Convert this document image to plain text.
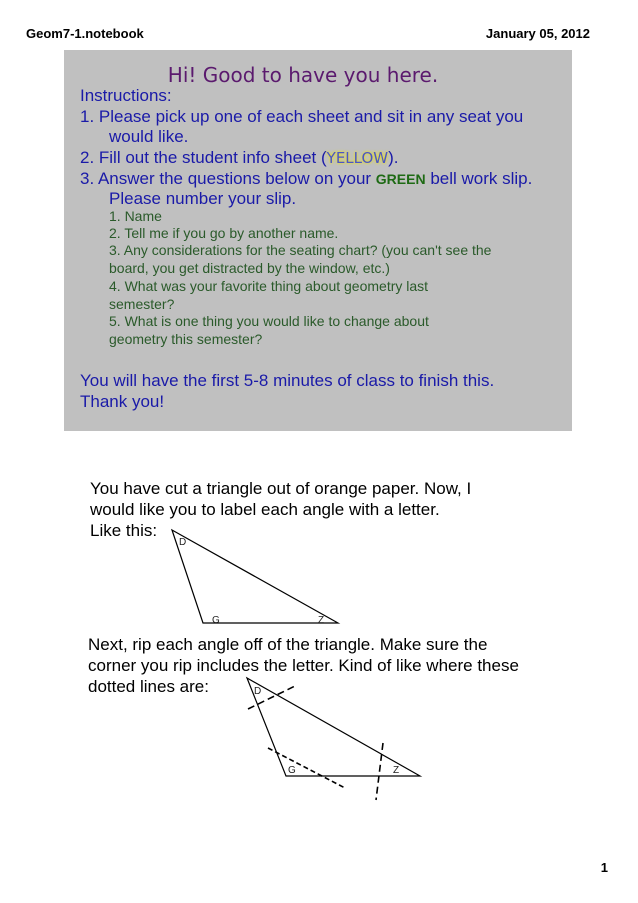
Geom7-1.notebook	January 05, 2012
Hi! Good to have you here.
Instructions:
1. Please pick up one of each sheet and sit in any seat you
would like.
2. Fill out the student info sheet (YELLOW).
3. Answer the questions below on your GREEN bell work slip.
Please number your slip.
1. Name
2. Tell me if you go by another name.
3. Any considerations for the seating chart? (you can't see the
board, you get distracted by the window, etc.)
4. What was your favorite thing about geometry last
semester?
5. What is one thing you would like to change about
geometry this semester?
You will have the first 5-8 minutes of class to finish this.
Thank you!
You have cut a triangle out of orange paper. Now, I
would like you to label each angle with a letter.
Like this:
Next, rip each angle off of the triangle. Make sure the
corner you rip includes the letter. Kind of like where these
dotted lines are:
D
G	Z
D
G	Z
1
